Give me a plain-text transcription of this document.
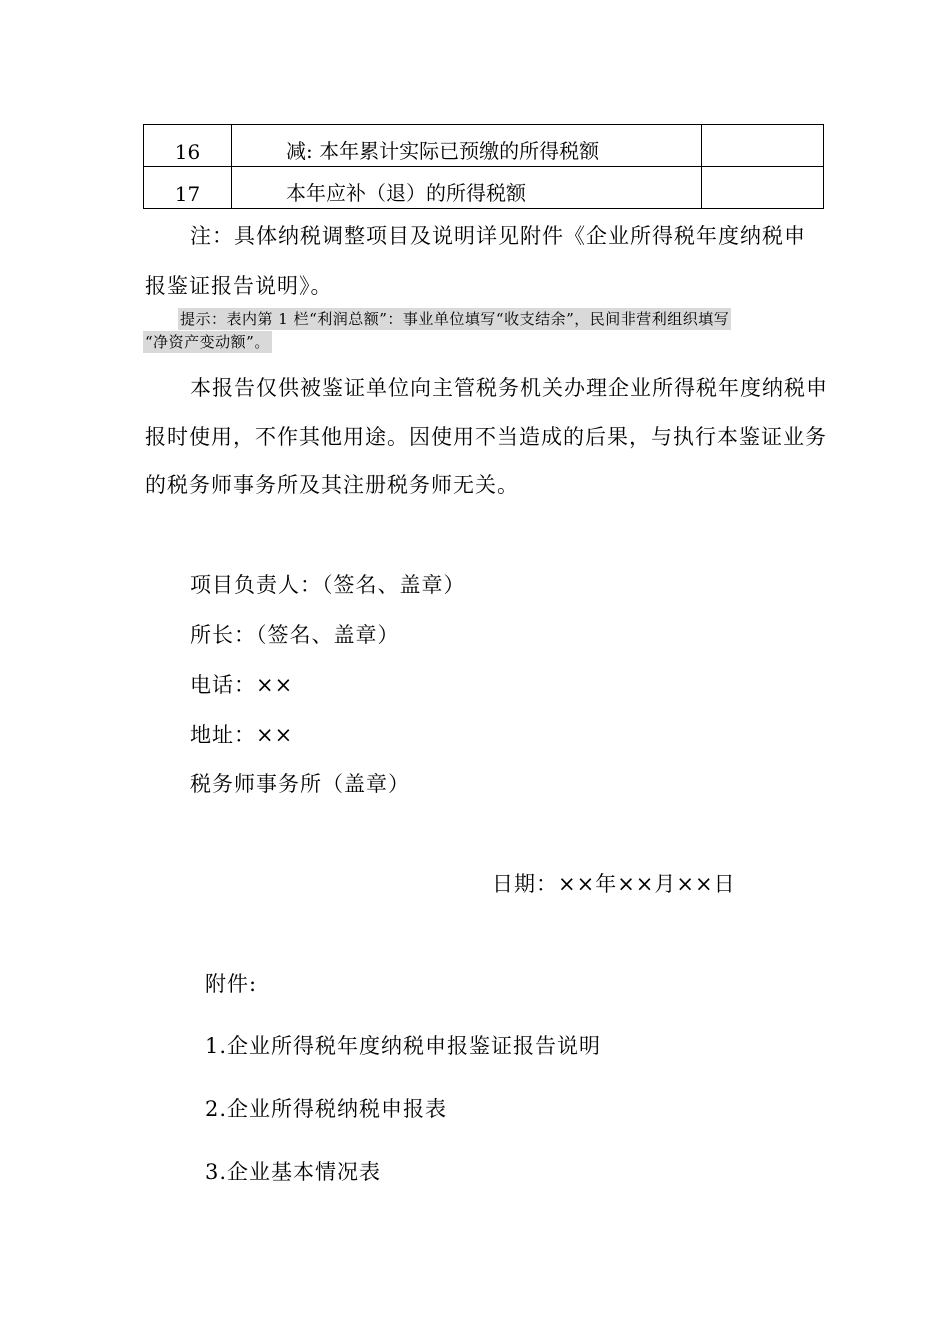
16	减: 本年累计实际已预缴的所得税额	
17	本年应补（退）的所得税额	
注：具体纳税调整项目及说明详见附件《企业所得税年度纳税申
报鉴证报告说明》。
提示：表内第 1 栏“利润总额”：事业单位填写“收支结余”，民间非营利组织填写
“净资产变动额”。
本报告仅供被鉴证单位向主管税务机关办理企业所得税年度纳税申
报时使用，不作其他用途。因使用不当造成的后果，与执行本鉴证业务
的税务师事务所及其注册税务师无关。
项目负责人：（签名、盖章）
所长：（签名、盖章）
电话：××
地址：××
税务师事务所（盖章）
日期：××年××月××日
附件:
1.企业所得税年度纳税申报鉴证报告说明
2.企业所得税纳税申报表
3.企业基本情况表
